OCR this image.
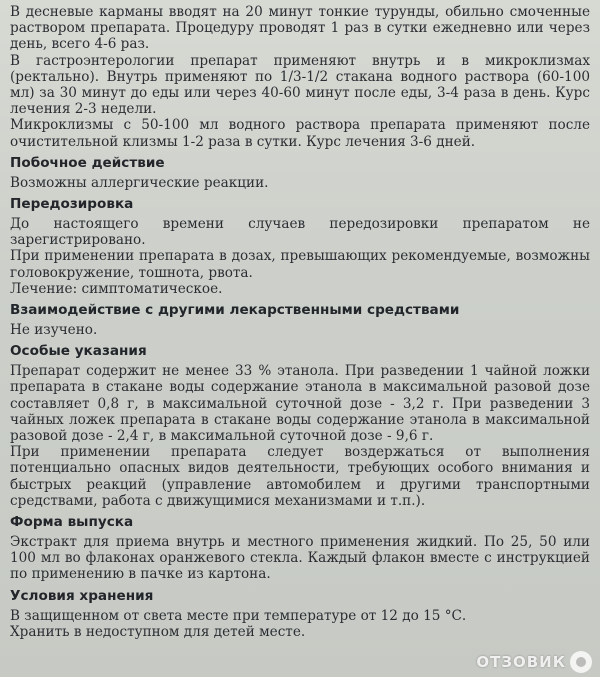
В десневые карманы вводят на 20 минут тонкие турунды, обильно смоченные раствором препарата. Процедуру проводят 1 раз в сутки ежедневно или через день, всего 4-6 раз.

В гастроэнтерологии препарат применяют внутрь и в микроклизмах (ректально). Внутрь применяют по 1/3-1/2 стакана водного раствора (60-100 мл) за 30 минут до еды или через 40-60 минут после еды, 3-4 раза в день. Курс лечения 2-3 недели.

Микроклизмы с 50-100 мл водного раствора препарата применяют после очистительной клизмы 1-2 раза в сутки. Курс лечения 3-6 дней.

Побочное действие

Возможны аллергические реакции.

Передозировка

До настоящего времени случаев передозировки препаратом не зарегистрировано.

При применении препарата в дозах, превышающих рекомендуемые, возможны головокружение, тошнота, рвота.

Лечение: симптоматическое.

Взаимодействие с другими лекарственными средствами

Не изучено.

Особые указания

Препарат содержит не менее 33 % этанола. При разведении 1 чайной ложки препарата в стакане воды содержание этанола в максимальной разовой дозе составляет 0,8 г, в максимальной суточной дозе - 3,2 г. При разведении 3 чайных ложек препарата в стакане воды содержание этанола в максимальной разовой дозе - 2,4 г, в максимальной суточной дозе - 9,6 г.

При применении препарата следует воздержаться от выполнения потенциально опасных видов деятельности, требующих особого внимания и быстрых реакций (управление автомобилем и другими транспортными средствами, работа с движущимися механизмами и т.п.).

Форма выпуска

Экстракт для приема внутрь и местного применения жидкий. По 25, 50 или 100 мл во флаконах оранжевого стекла. Каждый флакон вместе с инструкцией по применению в пачке из картона.

Условия хранения

В защищенном от света месте при температуре от 12 до 15 °С.

Хранить в недоступном для детей месте.

ОТЗОВИК
